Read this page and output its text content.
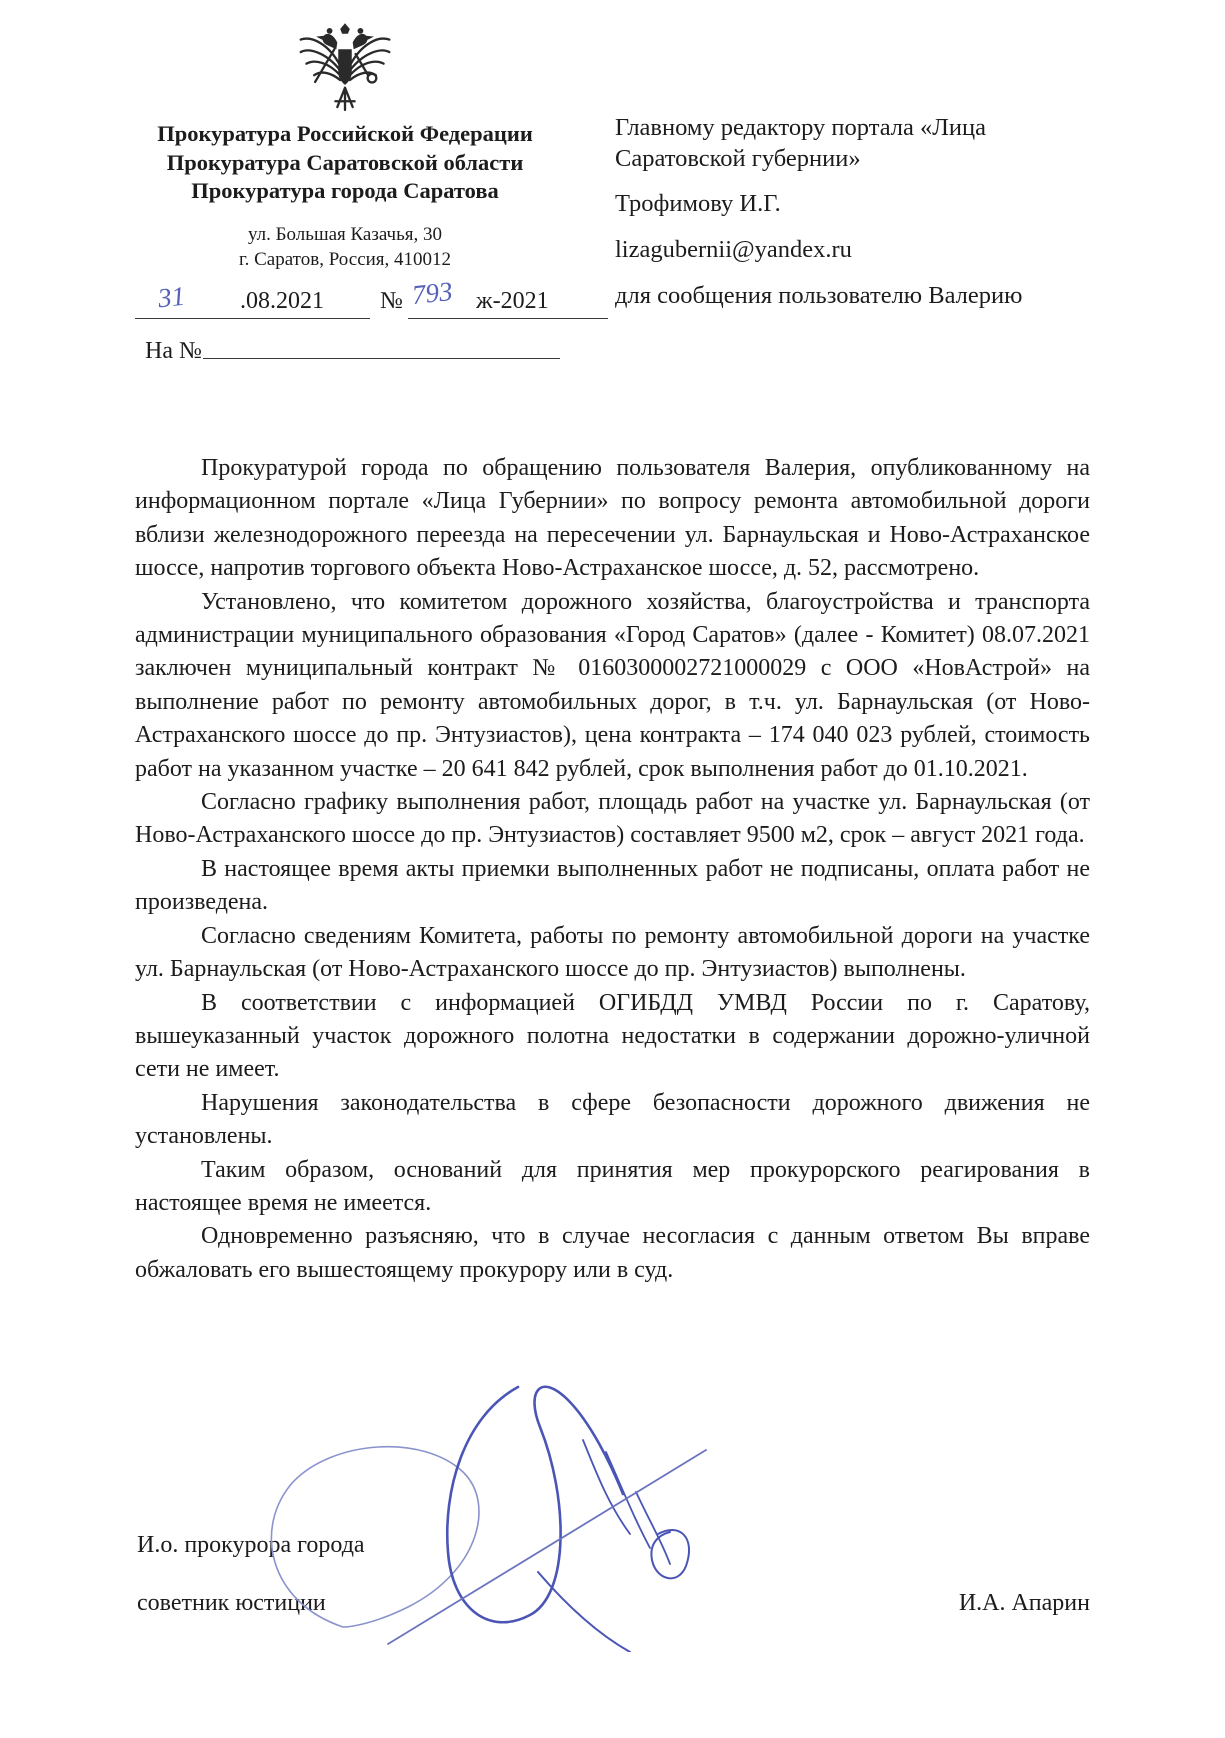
Прокуратура Российской Федерации
Прокуратура Саратовской области
Прокуратура города Саратова
ул. Большая Казачья, 30
г. Саратов, Россия, 410012
31 .08.2021 № 793 ж-2021
На №
Главному редактору портала «Лица Саратовской губернии»
Трофимову И.Г.
lizagubernii@yandex.ru
для сообщения пользователю Валерию

Прокуратурой города по обращению пользователя Валерия, опубликованному на информационном портале «Лица Губернии» по вопросу ремонта автомобильной дороги вблизи железнодорожного переезда на пересечении ул. Барнаульская и Ново-Астраханское шоссе, напротив торгового объекта Ново-Астраханское шоссе, д. 52, рассмотрено.

Установлено, что комитетом дорожного хозяйства, благоустройства и транспорта администрации муниципального образования «Город Саратов» (далее - Комитет) 08.07.2021 заключен муниципальный контракт № 0160300002721000029 с ООО «НовАстрой» на выполнение работ по ремонту автомобильных дорог, в т.ч. ул. Барнаульская (от Ново-Астраханского шоссе до пр. Энтузиастов), цена контракта – 174 040 023 рублей, стоимость работ на указанном участке – 20 641 842 рублей, срок выполнения работ до 01.10.2021.

Согласно графику выполнения работ, площадь работ на участке ул. Барнаульская (от Ново-Астраханского шоссе до пр. Энтузиастов) составляет 9500 м2, срок – август 2021 года.

В настоящее время акты приемки выполненных работ не подписаны, оплата работ не произведена.

Согласно сведениям Комитета, работы по ремонту автомобильной дороги на участке ул. Барнаульская (от Ново-Астраханского шоссе до пр. Энтузиастов) выполнены.

В соответствии с информацией ОГИБДД УМВД России по г. Саратову, вышеуказанный участок дорожного полотна недостатки в содержании дорожно-уличной сети не имеет.

Нарушения законодательства в сфере безопасности дорожного движения не установлены.

Таким образом, оснований для принятия мер прокурорского реагирования в настоящее время не имеется.

Одновременно разъясняю, что в случае несогласия с данным ответом Вы вправе обжаловать его вышестоящему прокурору или в суд.

И.о. прокурора города
советник юстиции	И.А. Апарин
